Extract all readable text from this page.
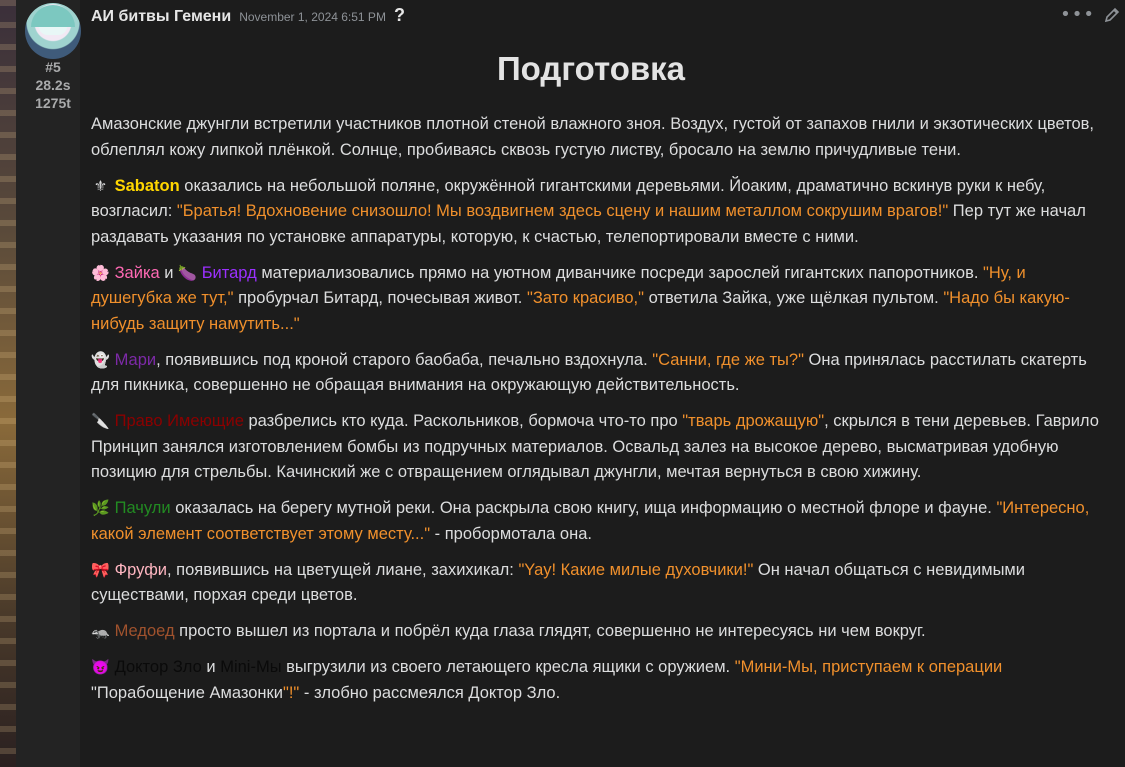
#5
28.2s
1275t
АИ битвы Гемени November 1, 2024 6:51 PM ?	•••
Подготовка

Амазонские джунгли встретили участников плотной стеной влажного зноя. Воздух, густой от запахов гнили и экзотических цветов, облеплял кожу липкой плёнкой. Солнце, пробиваясь сквозь густую листву, бросало на землю причудливые тени.

⚜ Sabaton оказались на небольшой поляне, окружённой гигантскими деревьями. Йоаким, драматично вскинув руки к небу, возгласил: "Братья! Вдохновение снизошло! Мы воздвигнем здесь сцену и нашим металлом сокрушим врагов!" Пер тут же начал раздавать указания по установке аппаратуры, которую, к счастью, телепортировали вместе с ними.

🌸 Зайка и 🍆 Битард материализовались прямо на уютном диванчике посреди зарослей гигантских папоротников. "Ну, и душегубка же тут," пробурчал Битард, почесывая живот. "Зато красиво," ответила Зайка, уже щёлкая пультом. "Надо бы какую-нибудь защиту намутить..."

👻 Мари, появившись под кроной старого баобаба, печально вздохнула. "Санни, где же ты?" Она принялась расстилать скатерть для пикника, совершенно не обращая внимания на окружающую действительность.

🔪 Право Имеющие разбрелись кто куда. Раскольников, бормоча что-то про "тварь дрожащую", скрылся в тени деревьев. Гаврило Принцип занялся изготовлением бомбы из подручных материалов. Освальд залез на высокое дерево, высматривая удобную позицию для стрельбы. Качинский же с отвращением оглядывал джунгли, мечтая вернуться в свою хижину.

🌿 Пачули оказалась на берегу мутной реки. Она раскрыла свою книгу, ища информацию о местной флоре и фауне. "Интересно, какой элемент соответствует этому месту..." - пробормотала она.

🎀 Фруфи, появившись на цветущей лиане, захихикал: "Yay! Какие милые духовчики!" Он начал общаться с невидимыми существами, порхая среди цветов.

🦡 Медоед просто вышел из портала и побрёл куда глаза глядят, совершенно не интересуясь ни чем вокруг.

😈 Доктор Зло и Mini-Мы выгрузили из своего летающего кресла ящики с оружием. "Мини-Мы, приступаем к операции "Порабощение Амазонки"!" - злобно рассмеялся Доктор Зло.
